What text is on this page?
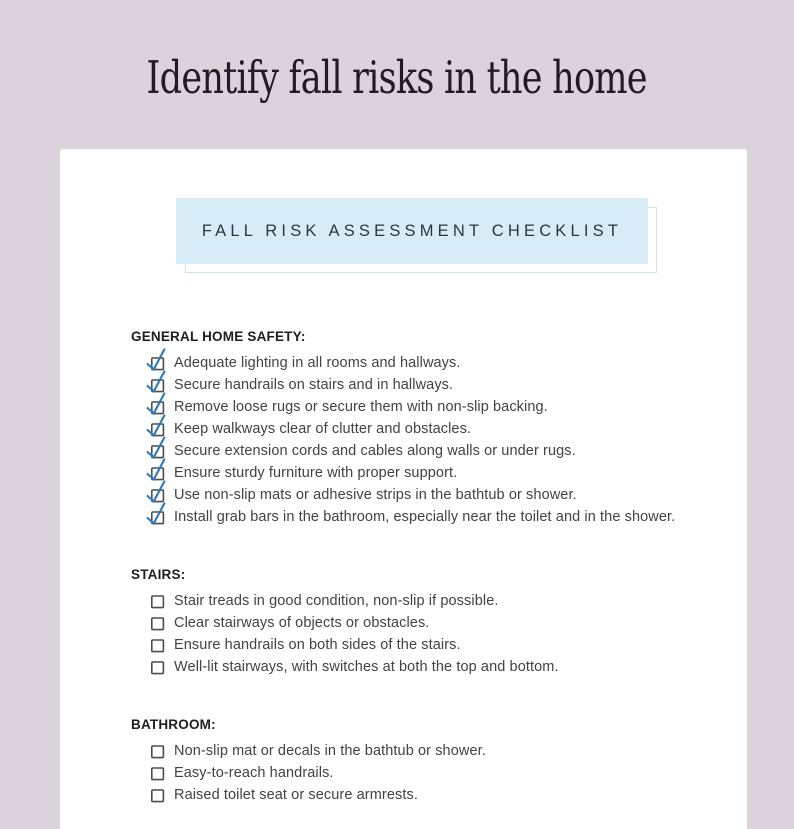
Identify fall risks in the home
FALL RISK ASSESSMENT CHECKLIST
GENERAL HOME SAFETY:
Adequate lighting in all rooms and hallways.
Secure handrails on stairs and in hallways.
Remove loose rugs or secure them with non-slip backing.
Keep walkways clear of clutter and obstacles.
Secure extension cords and cables along walls or under rugs.
Ensure sturdy furniture with proper support.
Use non-slip mats or adhesive strips in the bathtub or shower.
Install grab bars in the bathroom, especially near the toilet and in the shower.
STAIRS:
Stair treads in good condition, non-slip if possible.
Clear stairways of objects or obstacles.
Ensure handrails on both sides of the stairs.
Well-lit stairways, with switches at both the top and bottom.
BATHROOM:
Non-slip mat or decals in the bathtub or shower.
Easy-to-reach handrails.
Raised toilet seat or secure armrests.
